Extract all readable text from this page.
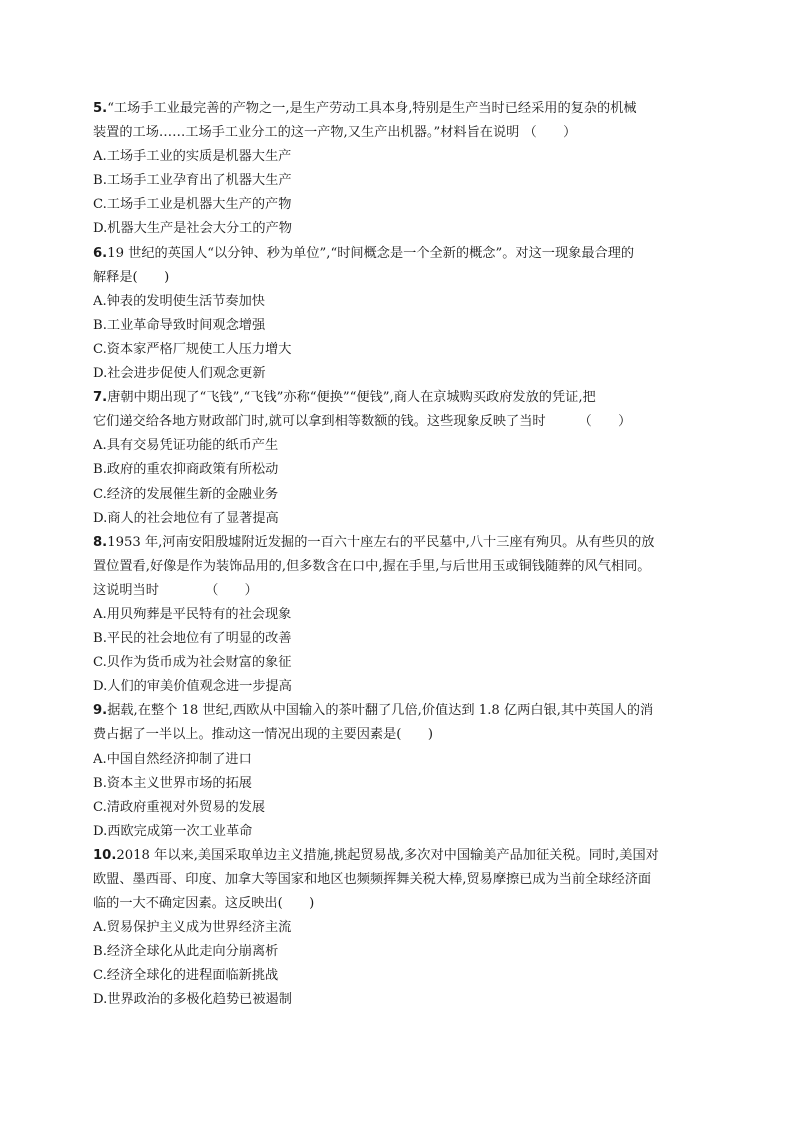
5.“工场手工业最完善的产物之一,是生产劳动工具本身,特别是生产当时已经采用的复杂的机械
装置的工场……工场手工业分工的这一产物,又生产出机器。”材料旨在说明 （　　）
A.工场手工业的实质是机器大生产
B.工场手工业孕育出了机器大生产
C.工场手工业是机器大生产的产物
D.机器大生产是社会大分工的产物
6.19 世纪的英国人“以分钟、秒为单位”,“时间概念是一个全新的概念”。对这一现象最合理的
解释是(　　)
A.钟表的发明使生活节奏加快
B.工业革命导致时间观念增强
C.资本家严格厂规使工人压力增大
D.社会进步促使人们观念更新
7.唐朝中期出现了“飞钱”,“飞钱”亦称“便换”“便钱”,商人在京城购买政府发放的凭证,把
它们递交给各地方财政部门时,就可以拿到相等数额的钱。这些现象反映了当时　　　（　　）
A.具有交易凭证功能的纸币产生
B.政府的重农抑商政策有所松动
C.经济的发展催生新的金融业务
D.商人的社会地位有了显著提高
8.1953 年,河南安阳殷墟附近发掘的一百六十座左右的平民墓中,八十三座有殉贝。从有些贝的放
置位置看,好像是作为装饰品用的,但多数含在口中,握在手里,与后世用玉或铜钱随葬的风气相同。
这说明当时　　　　（　　）
A.用贝殉葬是平民特有的社会现象
B.平民的社会地位有了明显的改善
C.贝作为货币成为社会财富的象征
D.人们的审美价值观念进一步提高
9.据载,在整个 18 世纪,西欧从中国输入的茶叶翻了几倍,价值达到 1.8 亿两白银,其中英国人的消
费占据了一半以上。推动这一情况出现的主要因素是(　　)
A.中国自然经济抑制了进口
B.资本主义世界市场的拓展
C.清政府重视对外贸易的发展
D.西欧完成第一次工业革命
10.2018 年以来,美国采取单边主义措施,挑起贸易战,多次对中国输美产品加征关税。同时,美国对
欧盟、墨西哥、印度、加拿大等国家和地区也频频挥舞关税大棒,贸易摩擦已成为当前全球经济面
临的一大不确定因素。这反映出(　　)
A.贸易保护主义成为世界经济主流
B.经济全球化从此走向分崩离析
C.经济全球化的进程面临新挑战
D.世界政治的多极化趋势已被遏制
